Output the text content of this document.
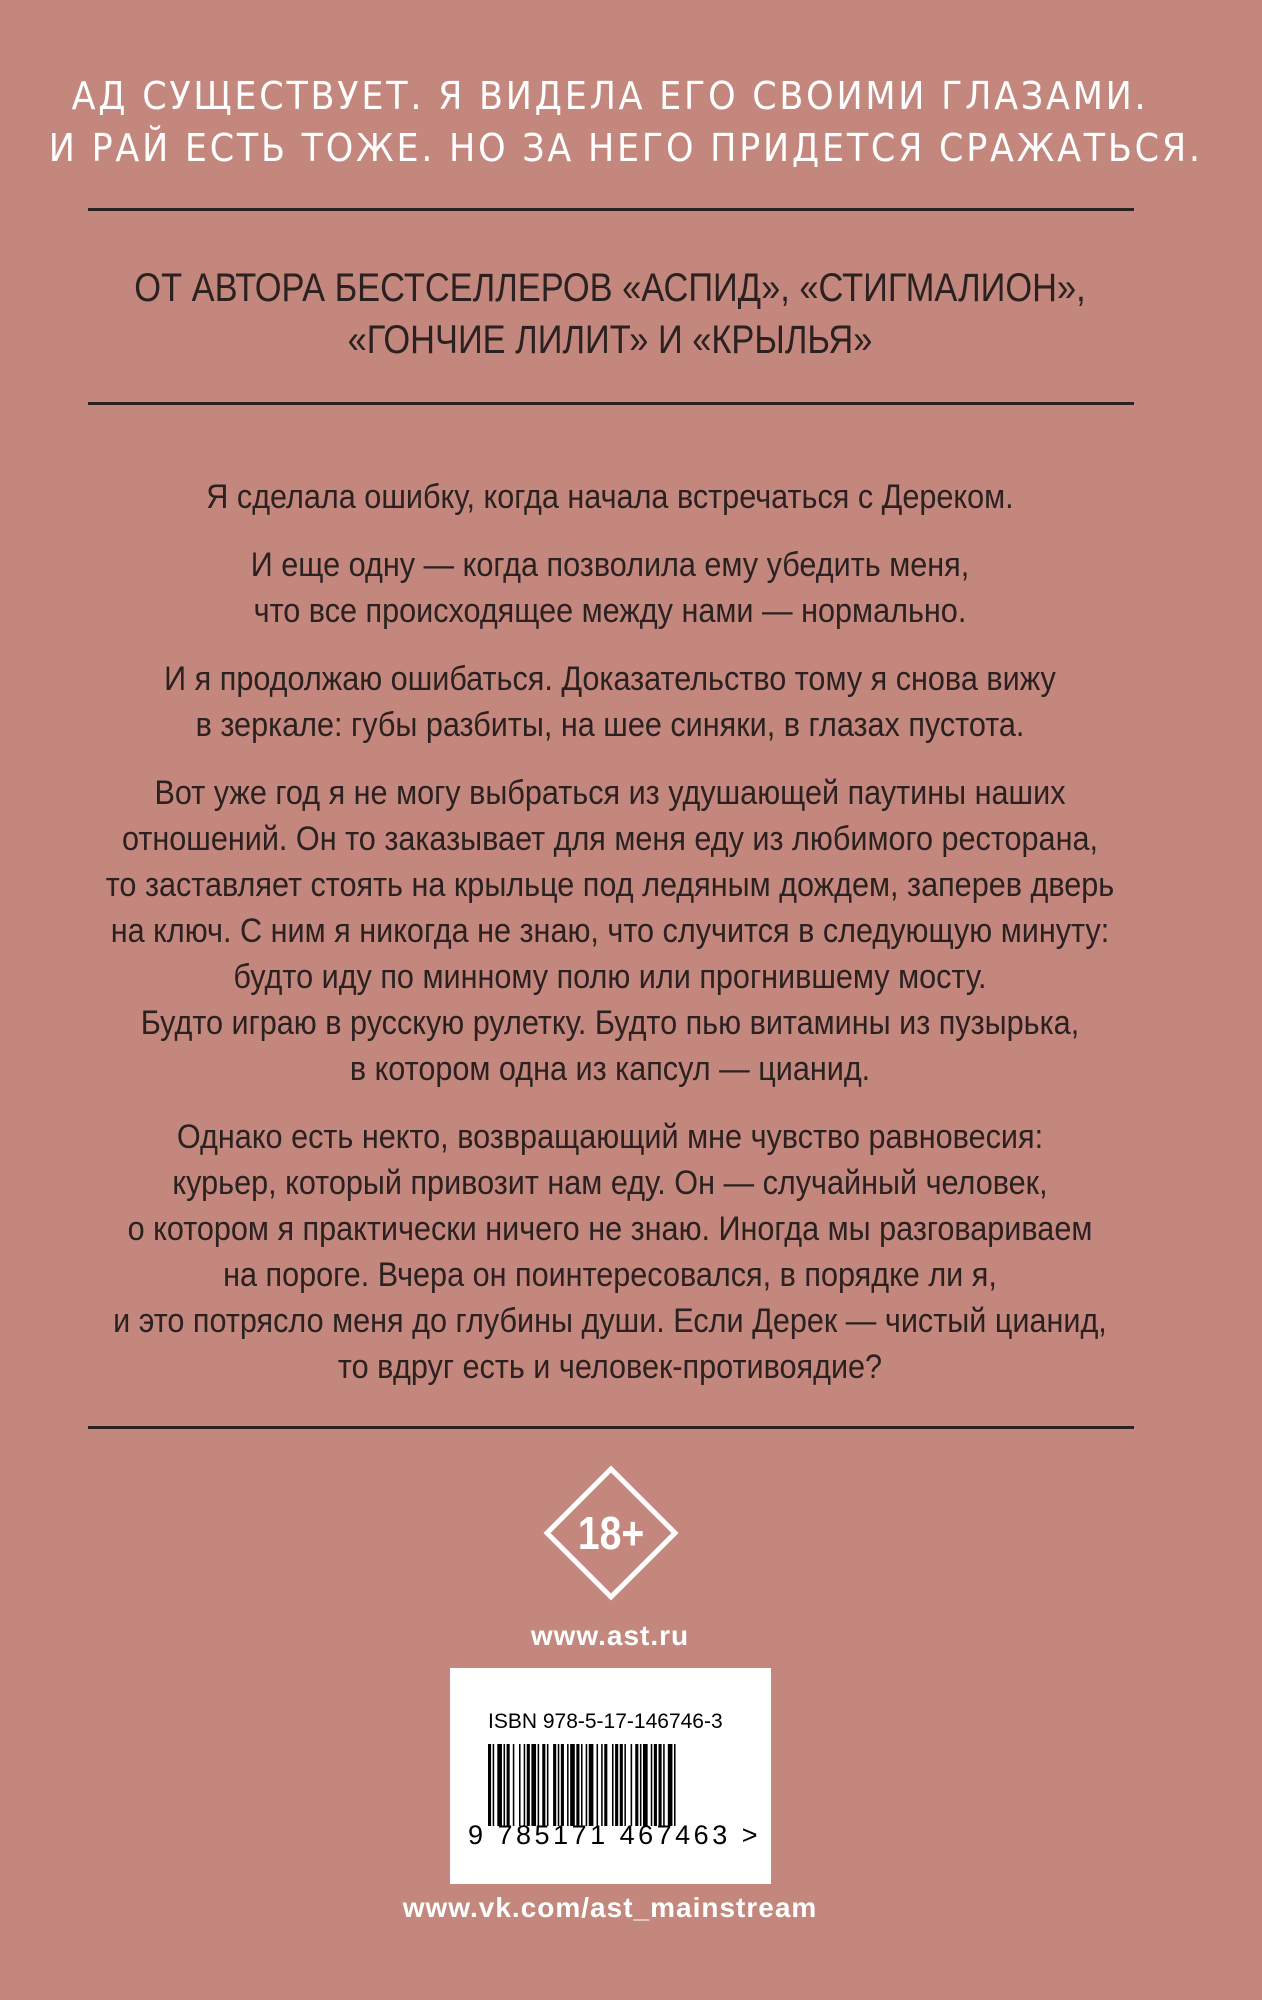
АД СУЩЕСТВУЕТ. Я ВИДЕЛА ЕГО СВОИМИ ГЛАЗАМИ.
И РАЙ ЕСТЬ ТОЖЕ. НО ЗА НЕГО ПРИДЕТСЯ СРАЖАТЬСЯ.
ОТ АВТОРА БЕСТСЕЛЛЕРОВ «АСПИД», «СТИГМАЛИОН»,
«ГОНЧИЕ ЛИЛИТ» И «КРЫЛЬЯ»

Я сделала ошибку, когда начала встречаться с Дереком.

И еще одну — когда позволила ему убедить меня,
что все происходящее между нами — нормально.

И я продолжаю ошибаться. Доказательство тому я снова вижу
в зеркале: губы разбиты, на шее синяки, в глазах пустота.

Вот уже год я не могу выбраться из удушающей паутины наших
отношений. Он то заказывает для меня еду из любимого ресторана,
то заставляет стоять на крыльце под ледяным дождем, заперев дверь
на ключ. С ним я никогда не знаю, что случится в следующую минуту:
будто иду по минному полю или прогнившему мосту.
Будто играю в русскую рулетку. Будто пью витамины из пузырька,
в котором одна из капсул — цианид.

Однако есть некто, возвращающий мне чувство равновесия:
курьер, который привозит нам еду. Он — случайный человек,
о котором я практически ничего не знаю. Иногда мы разговариваем
на пороге. Вчера он поинтересовался, в порядке ли я,
и это потрясло меня до глубины души. Если Дерек — чистый цианид,
то вдруг есть и человек-противоядие?

18+
www.ast.ru
ISBN 978-5-17-146746-3
9 785171 467463 >
www.vk.com/ast_mainstream
